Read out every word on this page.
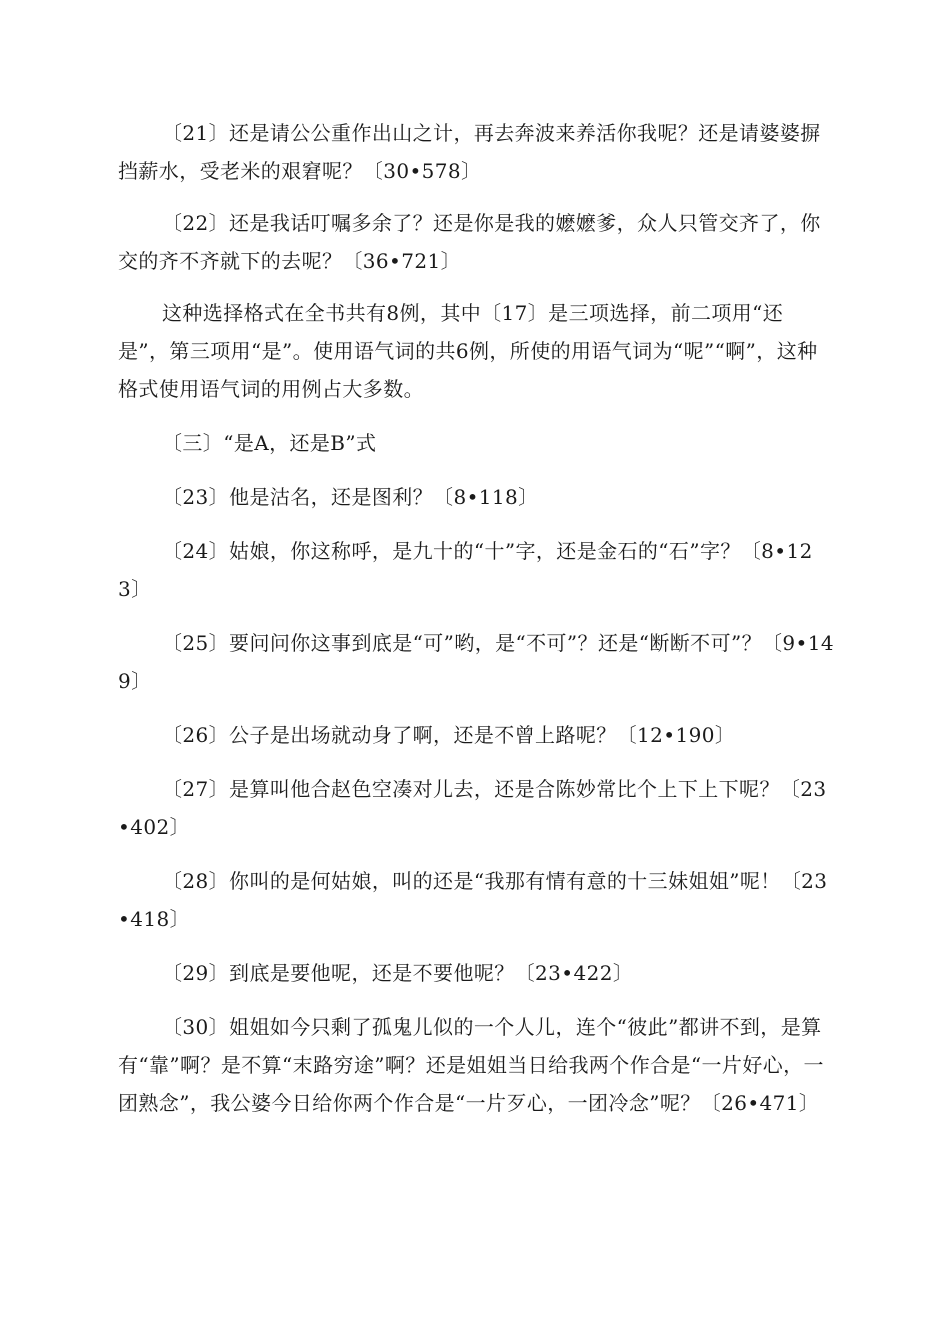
〔21〕还是请公公重作出山之计，再去奔波来养活你我呢？还是请婆婆摒挡薪水，受老米的艰窘呢？〔30•578〕

〔22〕还是我话叮嘱多余了？还是你是我的嬷嬷爹，众人只管交齐了，你交的齐不齐就下的去呢？〔36•721〕

这种选择格式在全书共有8例，其中〔17〕是三项选择，前二项用“还是”，第三项用“是”。使用语气词的共6例，所使的用语气词为“呢”“啊”，这种格式使用语气词的用例占大多数。

〔三〕“是A，还是B”式

〔23〕他是沽名，还是图利？〔8•118〕

〔24〕姑娘，你这称呼，是九十的“十”字，还是金石的“石”字？〔8•123〕

〔25〕要问问你这事到底是“可”哟，是“不可”？还是“断断不可”？〔9•149〕

〔26〕公子是出场就动身了啊，还是不曾上路呢？〔12•190〕

〔27〕是算叫他合赵色空凑对儿去，还是合陈妙常比个上下上下呢？〔23•402〕

〔28〕你叫的是何姑娘，叫的还是“我那有情有意的十三妹姐姐”呢！〔23•418〕

〔29〕到底是要他呢，还是不要他呢？〔23•422〕

〔30〕姐姐如今只剩了孤鬼儿似的一个人儿，连个“彼此”都讲不到，是算有“靠”啊？是不算“末路穷途”啊？还是姐姐当日给我两个作合是“一片好心，一团熟念”，我公婆今日给你两个作合是“一片歹心，一团冷念”呢？〔26•471〕
